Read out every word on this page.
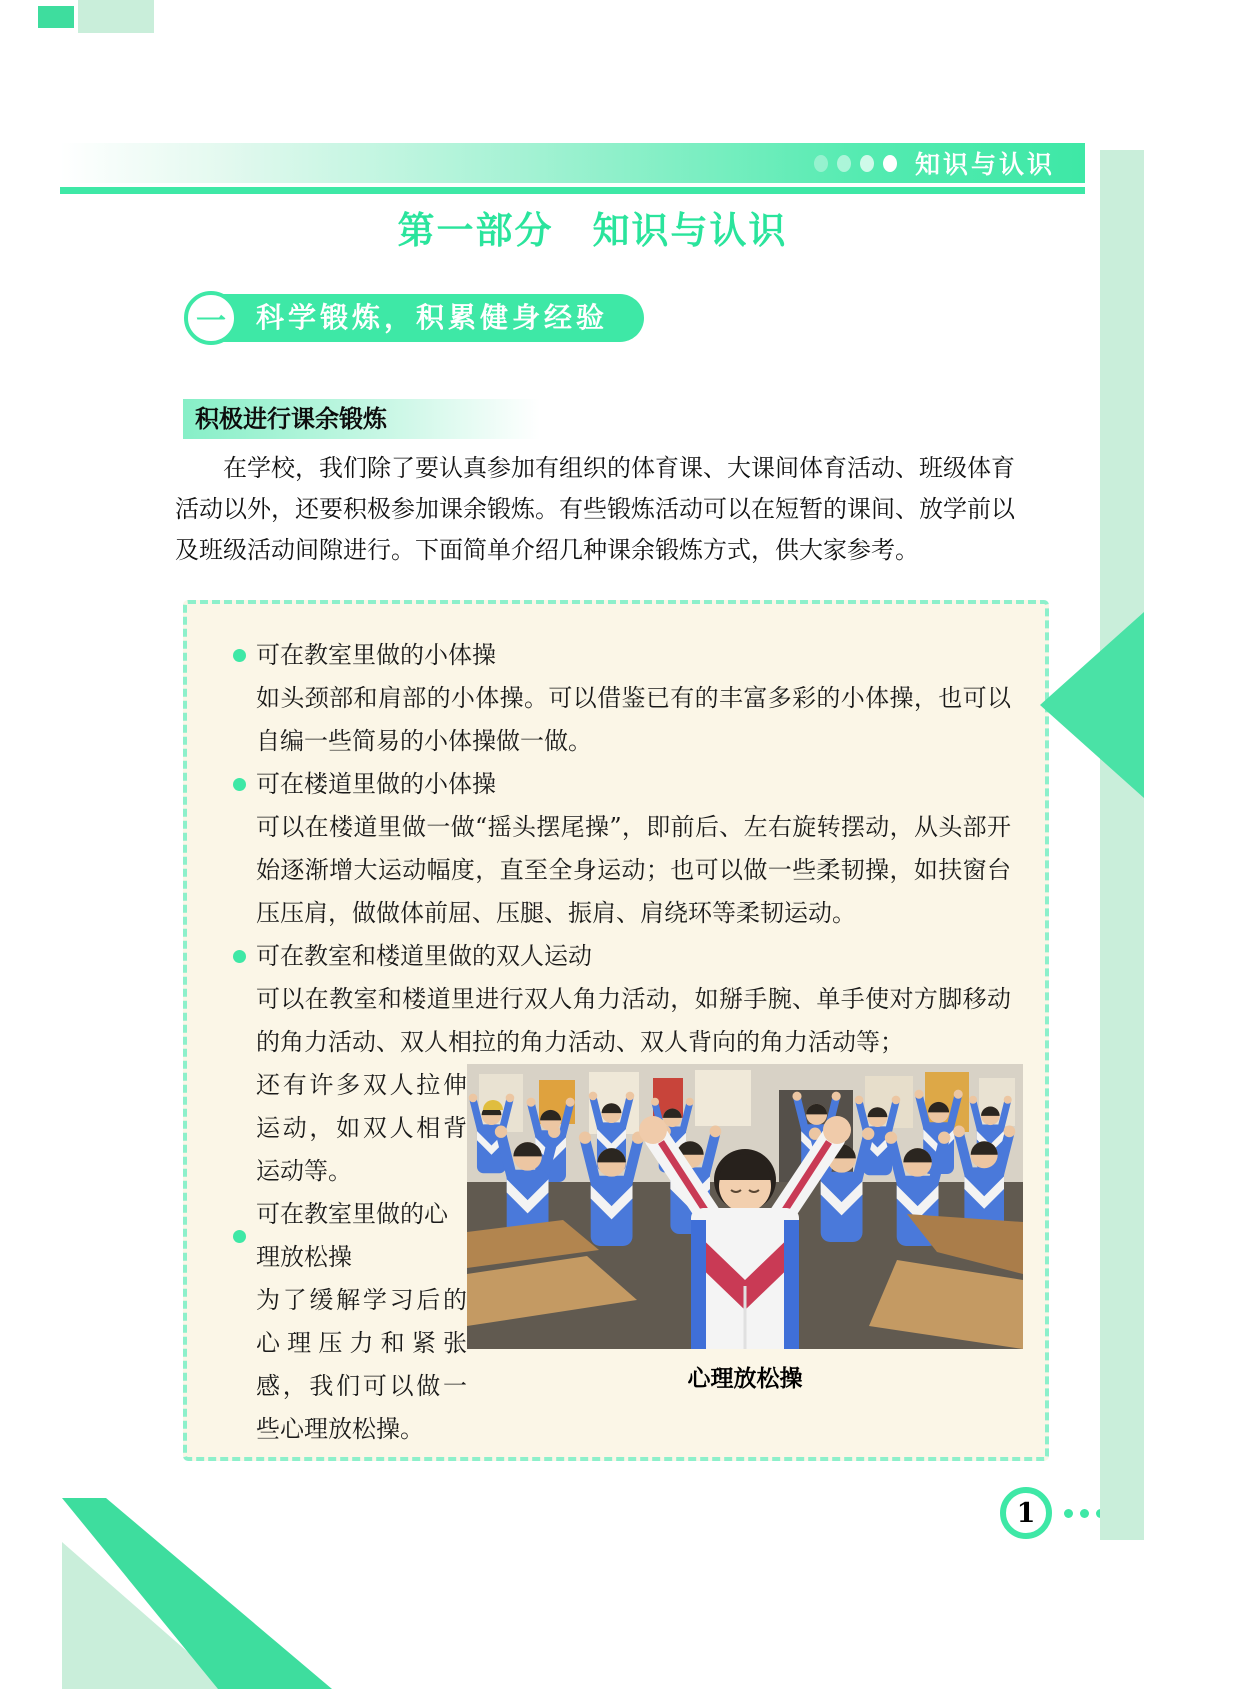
知识与认识
第一部分　知识与认识
一	科学锻炼，积累健身经验
积极进行课余锻炼

在学校，我们除了要认真参加有组织的体育课、大课间体育活动、班级体育活动以外，还要积极参加课余锻炼。有些锻炼活动可以在短暂的课间、放学前以及班级活动间隙进行。下面简单介绍几种课余锻炼方式，供大家参考。

可在教室里做的小体操
如头颈部和肩部的小体操。可以借鉴已有的丰富多彩的小体操，也可以自编一些简易的小体操做一做。
可在楼道里做的小体操
可以在楼道里做一做“摇头摆尾操”，即前后、左右旋转摆动，从头部开始逐渐增大运动幅度，直至全身运动；也可以做一些柔韧操，如扶窗台压压肩，做做体前屈、压腿、振肩、肩绕环等柔韧运动。
可在教室和楼道里做的双人运动
可以在教室和楼道里进行双人角力活动，如掰手腕、单手使对方脚移动的角力活动、双人相拉的角力活动、双人背向的角力活动等；
还有许多双人拉伸运动，如双人相背运动等。
可在教室里做的心理放松操
为了缓解学习后的心理压力和紧张感，我们可以做一些心理放松操。
心理放松操
1
